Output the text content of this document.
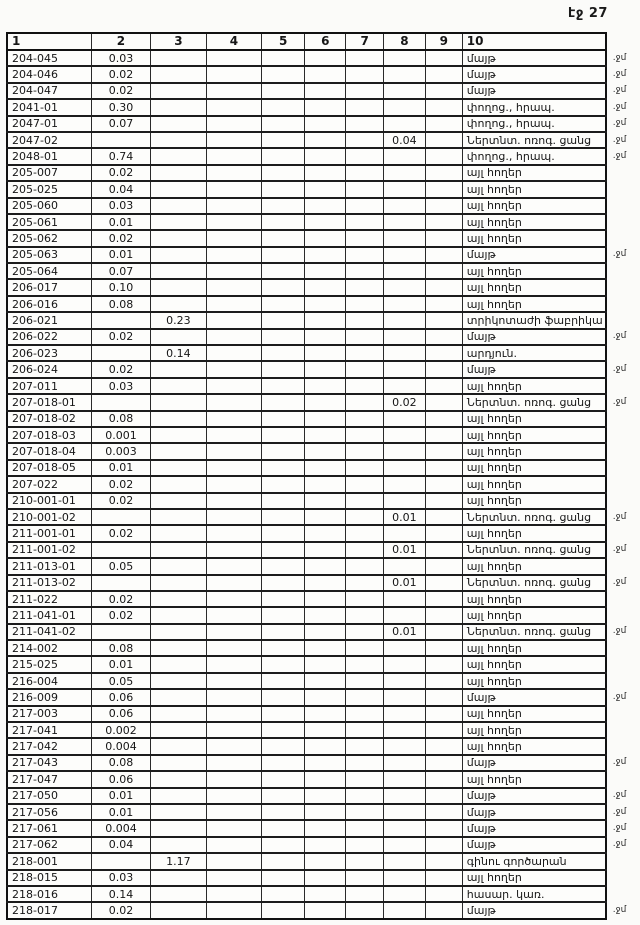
էջ 27
1	2	3	4	5	6	7	8	9	10	
204-045	0.03								մայթ	.ջմ
204-046	0.02								մայթ	.ջմ
204-047	0.02								մայթ	.ջմ
2041-01	0.30								փողոց., հրապ.	.ջմ
2047-01	0.07								փողոց., հրապ.	.ջմ
2047-02							0.04		Ներտնտ. ոռոգ. ցանց	.ջմ
2048-01	0.74								փողոց., հրապ.	.ջմ
205-007	0.02								այլ հողեր	
205-025	0.04								այլ հողեր	
205-060	0.03								այլ հողեր	
205-061	0.01								այլ հողեր	
205-062	0.02								այլ հողեր	
205-063	0.01								մայթ	.ջմ
205-064	0.07								այլ հողեր	
206-017	0.10								այլ հողեր	
206-016	0.08								այլ հողեր	
206-021		0.23							տրիկոտաժի ֆաբրիկա	
206-022	0.02								մայթ	.ջմ
206-023		0.14							արդյուն.	
206-024	0.02								մայթ	.ջմ
207-011	0.03								այլ հողեր	
207-018-01							0.02		Ներտնտ. ոռոգ. ցանց	.ջմ
207-018-02	0.08								այլ հողեր	
207-018-03	0.001								այլ հողեր	
207-018-04	0.003								այլ հողեր	
207-018-05	0.01								այլ հողեր	
207-022	0.02								այլ հողեր	
210-001-01	0.02								այլ հողեր	
210-001-02							0.01		Ներտնտ. ոռոգ. ցանց	.ջմ
211-001-01	0.02								այլ հողեր	
211-001-02							0.01		Ներտնտ. ոռոգ. ցանց	.ջմ
211-013-01	0.05								այլ հողեր	
211-013-02							0.01		Ներտնտ. ոռոգ. ցանց	.ջմ
211-022	0.02								այլ հողեր	
211-041-01	0.02								այլ հողեր	
211-041-02							0.01		Ներտնտ. ոռոգ. ցանց	.ջմ
214-002	0.08								այլ հողեր	
215-025	0.01								այլ հողեր	
216-004	0.05								այլ հողեր	
216-009	0.06								մայթ	.ջմ
217-003	0.06								այլ հողեր	
217-041	0.002								այլ հողեր	
217-042	0.004								այլ հողեր	
217-043	0.08								մայթ	.ջմ
217-047	0.06								այլ հողեր	
217-050	0.01								մայթ	.ջմ
217-056	0.01								մայթ	.ջմ
217-061	0.004								մայթ	.ջմ
217-062	0.04								մայթ	.ջմ
218-001		1.17							գինու գործարան	
218-015	0.03								այլ հողեր	
218-016	0.14								հասար. կառ.	
218-017	0.02								մայթ	.ջմ
